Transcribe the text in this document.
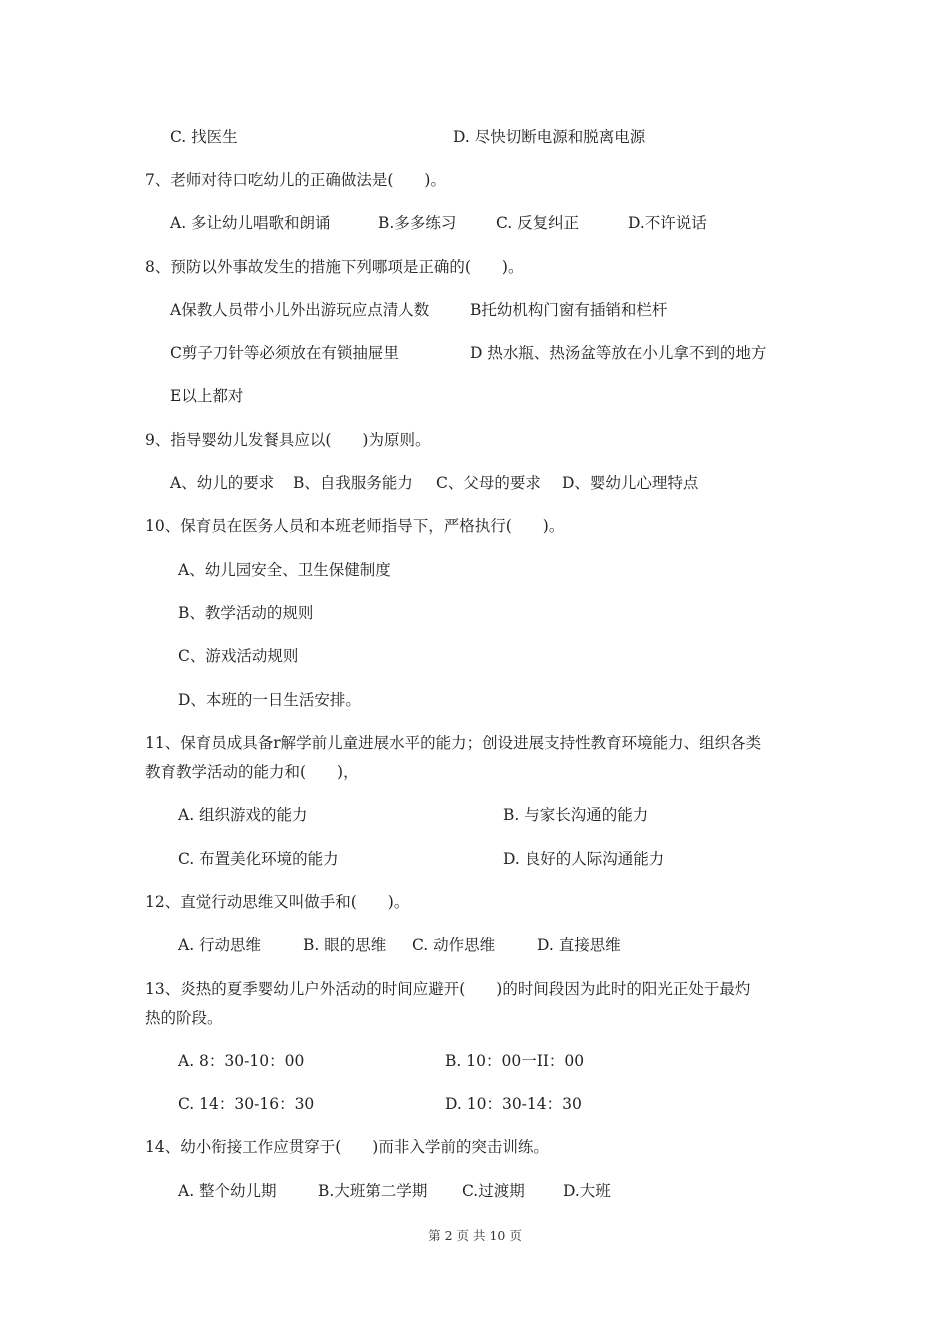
C. 找医生	D. 尽快切断电源和脱离电源
7、老师对待口吃幼儿的正确做法是(　　)。
A. 多让幼儿唱歌和朗诵	B.多多练习	C. 反复纠正	D.不许说话
8、预防以外事故发生的措施下列哪项是正确的(　　)。
A保教人员带小儿外出游玩应点清人数	B托幼机构门窗有插销和栏杆
C剪子刀针等必须放在有锁抽屉里	D 热水瓶、热汤盆等放在小儿拿不到的地方
E以上都对
9、指导婴幼儿发餐具应以(　　)为原则。
A、幼儿的要求 B、自我服务能力 C、父母的要求 D、婴幼儿心理特点
10、保育员在医务人员和本班老师指导下，严格执行(　　)。
A、幼儿园安全、卫生保健制度
B、教学活动的规则
C、游戏活动规则
D、本班的一日生活安排。
11、保育员成具备r解学前儿童进展水平的能力；创设进展支持性教育环境能力、组织各类
教育教学活动的能力和(　　)，
A. 组织游戏的能力	B. 与家长沟通的能力
C. 布置美化环境的能力	D. 良好的人际沟通能力
12、直觉行动思维又叫做手和(　　)。
A. 行动思维	B. 眼的思维 C. 动作思维	D. 直接思维
13、炎热的夏季婴幼儿户外活动的时间应避开(　　)的时间段因为此时的阳光正处于最灼
热的阶段。
A. 8：30-10：00	B. 10：00一II：00
C. 14：30-16：30	D. 10：30-14：30
14、幼小衔接工作应贯穿于(　　)而非入学前的突击训练。
A. 整个幼儿期	B.大班第二学期 C.过渡期 D.大班
第 2 页 共 10 页
